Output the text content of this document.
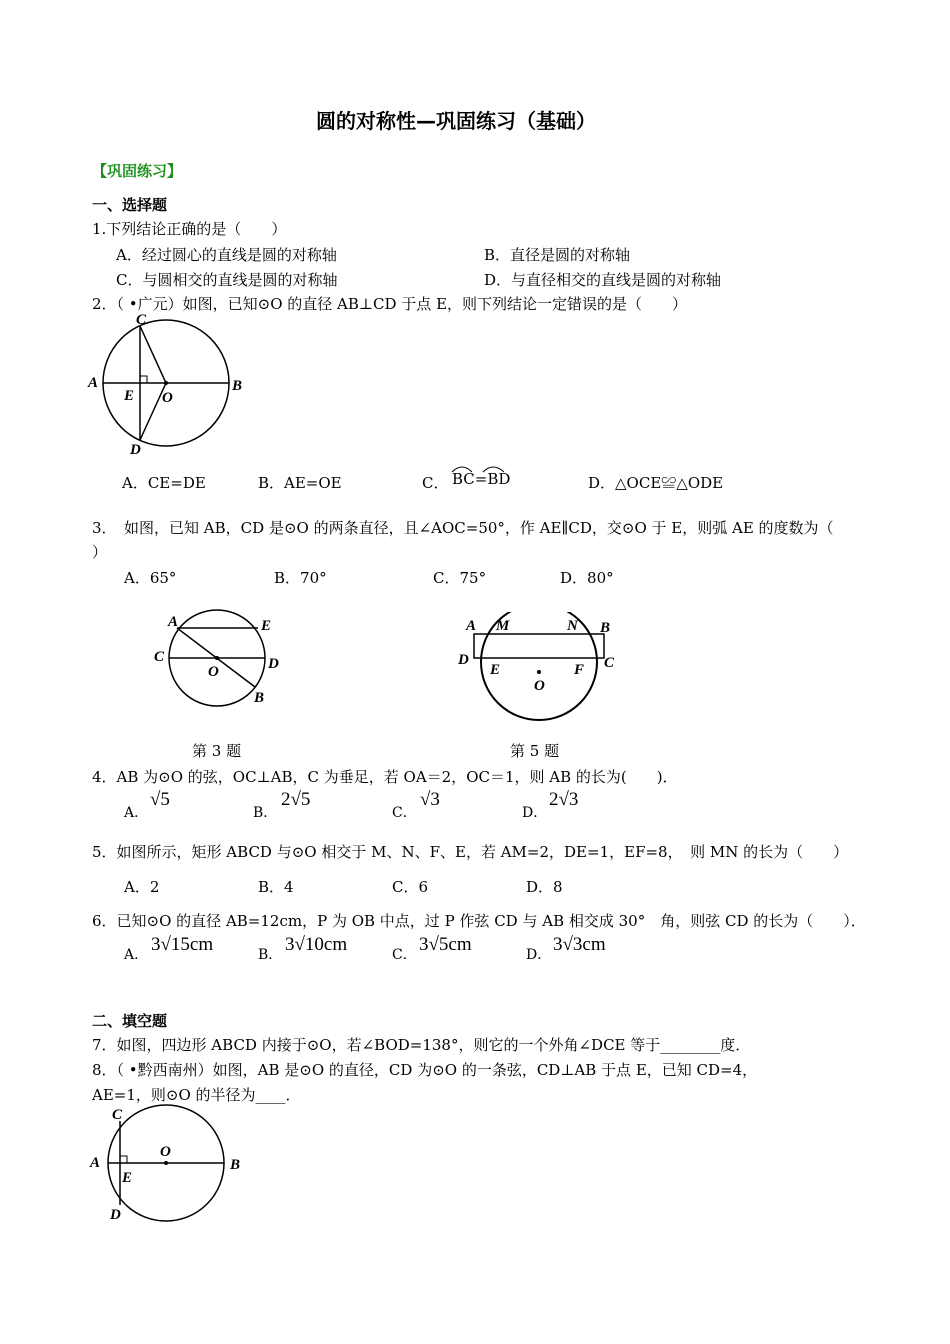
圆的对称性—巩固练习（基础）
【巩固练习】
一、选择题
1.下列结论正确的是（　　）
A．经过圆心的直线是圆的对称轴	B．直径是圆的对称轴
C．与圆相交的直线是圆的对称轴	D．与直径相交的直线是圆的对称轴
2．（ •广元）如图，已知⊙O 的直径 AB⊥CD 于点 E，则下列结论一定错误的是（　　）
C
A	B
E O
D
A．CE=DE	B．AE=OE	C． BC=BD	D．△OCE≌△ODE
3．　如图，已知 AB，CD 是⊙O 的两条直径，且∠AOC=50°，作 AE∥CD，交⊙O 于 E，则弧 AE 的度数为（
）
A．65°	B．70°	C．75°	D．80°
A	E
C	D
O
B
A M	N B
D
E	F C
O
第 3 题	第 5 题
4．AB 为⊙O 的弦，OC⊥AB，C 为垂足，若 OA＝2，OC＝1，则 AB 的长为(　　)．
A．
√5
B．
2√5
C．
√3
D．
2√3
5．如图所示，矩形 ABCD 与⊙O 相交于 M、N、F、E，若 AM=2，DE=1，EF=8，　则 MN 的长为（　　）
A．2	B．4	C．6	D．8
6．已知⊙O 的直径 AB=12cm，P 为 OB 中点，过 P 作弦 CD 与 AB 相交成 30°　角，则弦 CD 的长为（　　）．
A． 3√15cm	B． 3√10cm	C． 3√5cm	D． 3√3cm
二、填空题
7．如图，四边形 ABCD 内接于⊙O，若∠BOD=138°，则它的一个外角∠DCE 等于________度．
8．（ •黔西南州）如图，AB 是⊙O 的直径，CD 为⊙O 的一条弦，CD⊥AB 于点 E，已知 CD=4，
AE=1，则⊙O 的半径为____．
C
A	B
E
O
D
